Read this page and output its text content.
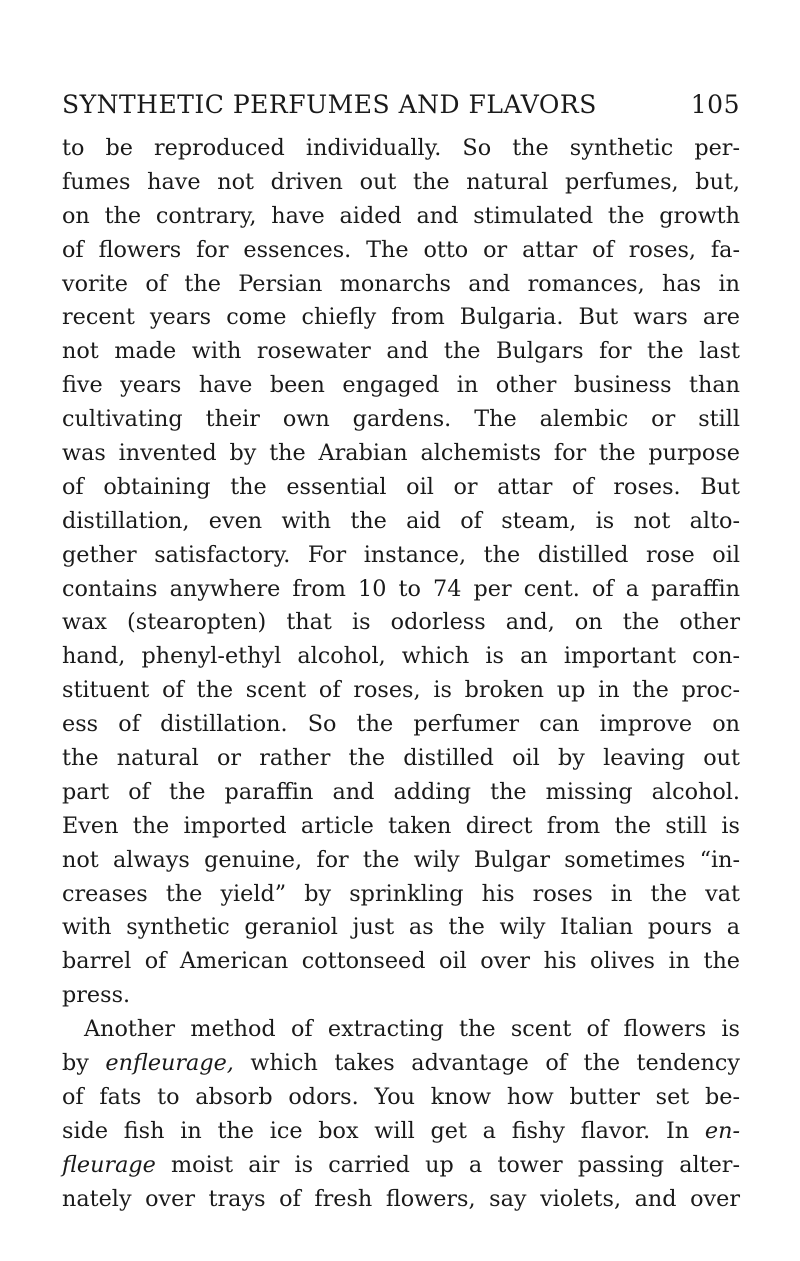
SYNTHETIC PERFUMES AND FLAVORS	105
to be reproduced individually. So the synthetic per-
fumes have not driven out the natural perfumes, but,
on the contrary, have aided and stimulated the growth
of flowers for essences. The otto or attar of roses, fa-
vorite of the Persian monarchs and romances, has in
recent years come chiefly from Bulgaria. But wars are
not made with rosewater and the Bulgars for the last
five years have been engaged in other business than
cultivating their own gardens. The alembic or still
was invented by the Arabian alchemists for the purpose
of obtaining the essential oil or attar of roses. But
distillation, even with the aid of steam, is not alto-
gether satisfactory. For instance, the distilled rose oil
contains anywhere from 10 to 74 per cent. of a paraffin
wax (stearopten) that is odorless and, on the other
hand, phenyl-ethyl alcohol, which is an important con-
stituent of the scent of roses, is broken up in the proc-
ess of distillation. So the perfumer can improve on
the natural or rather the distilled oil by leaving out
part of the paraffin and adding the missing alcohol.
Even the imported article taken direct from the still is
not always genuine, for the wily Bulgar sometimes “in-
creases the yield” by sprinkling his roses in the vat
with synthetic geraniol just as the wily Italian pours a
barrel of American cottonseed oil over his olives in the
press.
Another method of extracting the scent of flowers is
by enfleurage, which takes advantage of the tendency
of fats to absorb odors. You know how butter set be-
side fish in the ice box will get a fishy flavor. In en-
fleurage moist air is carried up a tower passing alter-
nately over trays of fresh flowers, say violets, and over
